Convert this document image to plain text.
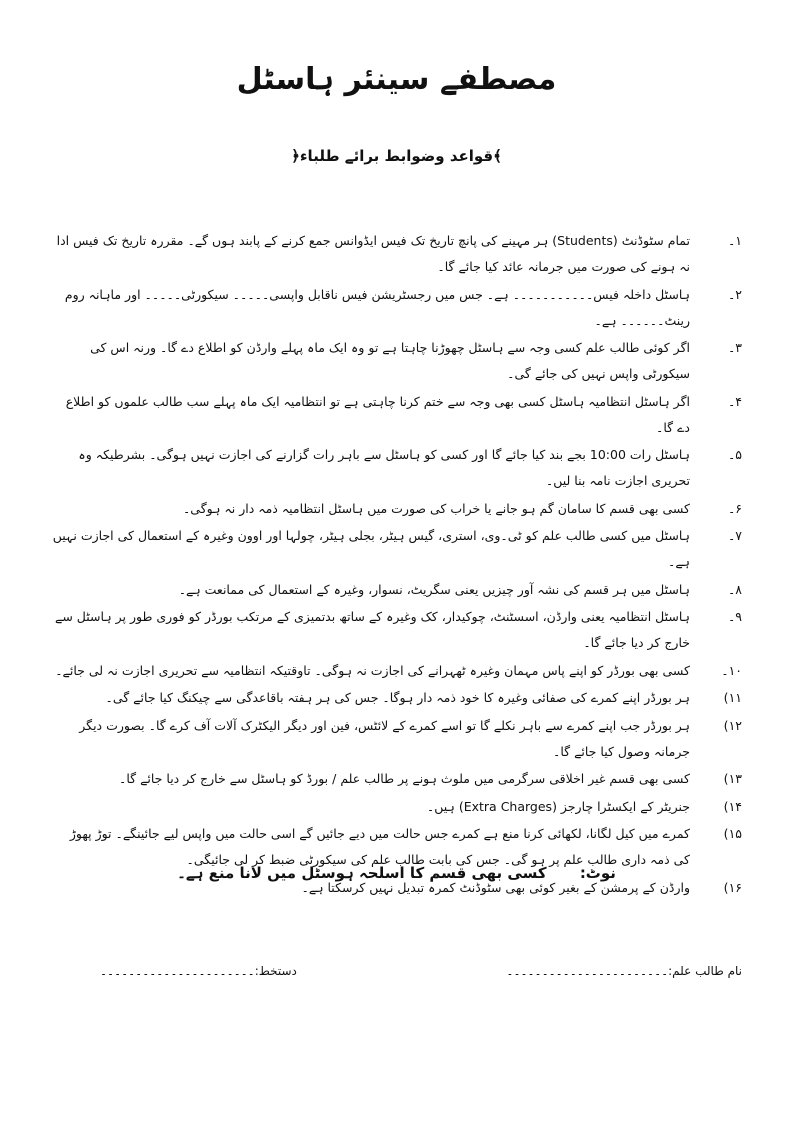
مصطفے سینئر ہاسٹل
﴿قواعد وضوابط برائے طلباء﴾
۱۔
تمام سٹوڈنٹ (Students) ہر مہینے کی پانچ تاریخ تک فیس ایڈوانس جمع کرنے کے پابند ہوں گے۔ مقررہ تاریخ تک فیس ادا نہ ہونے کی صورت میں جرمانہ عائد کیا جائے گا۔
۲۔
ہاسٹل داخلہ فیس۔۔۔۔۔۔۔۔۔۔۔ ہے۔ جس میں رجسٹریشن فیس ناقابل واپسی۔۔۔۔۔ سیکورٹی۔۔۔۔۔ اور ماہانہ روم رینٹ۔۔۔۔۔۔ ہے۔
۳۔
اگر کوئی طالب علم کسی وجہ سے ہاسٹل چھوڑنا چاہتا ہے تو وہ ایک ماہ پہلے وارڈن کو اطلاع دے گا۔ ورنہ اس کی سیکورٹی واپس نہیں کی جائے گی۔
۴۔
اگر ہاسٹل انتظامیہ ہاسٹل کسی بھی وجہ سے ختم کرنا چاہتی ہے تو انتظامیہ ایک ماہ پہلے سب طالب علموں کو اطلاع دے گا۔
۵۔
ہاسٹل رات 10:00 بجے بند کیا جائے گا اور کسی کو ہاسٹل سے باہر رات گزارنے کی اجازت نہیں ہوگی۔ بشرطیکہ وہ تحریری اجازت نامہ بنا لیں۔
۶۔
کسی بھی قسم کا سامان گم ہو جانے یا خراب کی صورت میں ہاسٹل انتظامیہ ذمہ دار نہ ہوگی۔
۷۔
ہاسٹل میں کسی طالب علم کو ٹی۔وی، استری، گیس ہیٹر، بجلی ہیٹر، چولہا اور اوون وغیرہ کے استعمال کی اجازت نہیں ہے۔
۸۔
ہاسٹل میں ہر قسم کی نشہ آور چیزیں یعنی سگریٹ، نسوار، وغیرہ کے استعمال کی ممانعت ہے۔
۹۔
ہاسٹل انتظامیہ یعنی وارڈن، اسسٹنٹ، چوکیدار، کک وغیرہ کے ساتھ بدتمیزی کے مرتکب بورڈر کو فوری طور پر ہاسٹل سے خارج کر دیا جائے گا۔
۱۰۔
کسی بھی بورڈر کو اپنے پاس مہمان وغیرہ ٹھہرانے کی اجازت نہ ہوگی۔ تاوقتیکہ انتظامیہ سے تحریری اجازت نہ لی جائے۔
۱۱)
ہر بورڈر اپنے کمرے کی صفائی وغیرہ کا خود ذمہ دار ہوگا۔ جس کی ہر ہفتہ باقاعدگی سے چیکنگ کیا جائے گی۔
۱۲)
ہر بورڈر جب اپنے کمرے سے باہر نکلے گا تو اسے کمرے کے لائٹس، فین اور دیگر الیکٹرک آلات آف کرے گا۔ بصورت دیگر جرمانہ وصول کیا جائے گا۔
۱۳)
کسی بھی قسم غیر اخلاقی سرگرمی میں ملوث ہونے پر طالب علم / بورڈ کو ہاسٹل سے خارج کر دیا جائے گا۔
۱۴)
جنریٹر کے ایکسٹرا چارجز (Extra Charges) ہیں۔
۱۵)
کمرے میں کیل لگانا، لکھائی کرنا منع ہے کمرے جس حالت میں دیے جائیں گے اسی حالت میں واپس لیے جائینگے۔ توڑ پھوڑ کی ذمہ داری طالب علم پر ہو گی۔ جس کی بابت طالب علم کی سیکورٹی ضبط کر لی جائیگی۔
۱۶)
وارڈن کے پرمشن کے بغیر کوئی بھی سٹوڈنٹ کمرہ تبدیل نہیں کرسکتا ہے۔
نوٹ: کسی بھی قسم کا اسلحہ ہوسٹل میں لانا منع ہے۔
نام طالب علم:۔۔۔۔۔۔۔۔۔۔۔۔۔۔۔۔۔۔۔۔۔۔۔
دستخط:۔۔۔۔۔۔۔۔۔۔۔۔۔۔۔۔۔۔۔۔۔۔
